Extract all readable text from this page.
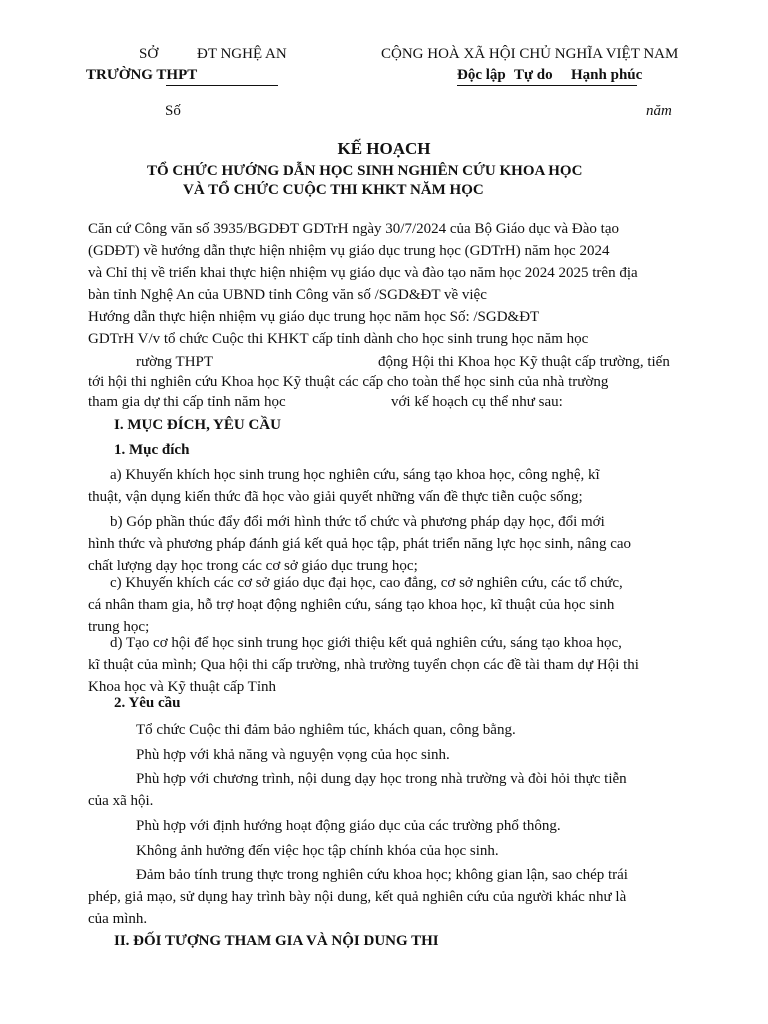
SỞ	ĐT NGHỆ AN
TRƯỜNG THPT
CỘNG HOÀ XÃ HỘI CHỦ NGHĨA VIỆT NAM
Độc lập Tự do Hạnh phúc
Số	năm
KẾ HOẠCH
TỔ CHỨC HƯỚNG DẪN HỌC SINH NGHIÊN CỨU KHOA HỌC
VÀ TỔ CHỨC CUỘC THI KHKT NĂM HỌC
Căn cứ Công văn số 3935/BGDĐT GDTrH ngày 30/7/2024 của Bộ Giáo dục và Đào tạo
(GDĐT) về hướng dẫn thực hiện nhiệm vụ giáo dục trung học (GDTrH) năm học 2024
và Chỉ thị về triển khai thực hiện nhiệm vụ giáo dục và đào tạo năm học 2024 2025 trên địa
bàn tỉnh Nghệ An của UBND tỉnh Công văn số /SGD&ĐT về việc
Hướng dẫn thực hiện nhiệm vụ giáo dục trung học năm học Số: /SGD&ĐT
GDTrH V/v tổ chức Cuộc thi KHKT cấp tỉnh dành cho học sinh trung học năm học
rường THPT	động Hội thi Khoa học Kỹ thuật cấp trường, tiến
tới hội thi nghiên cứu Khoa học Kỹ thuật các cấp cho toàn thể học sinh của nhà trường
tham gia dự thi cấp tỉnh năm học	với kế hoạch cụ thể như sau:
I. MỤC ĐÍCH, YÊU CẦU
1. Mục đích
a) Khuyến khích học sinh trung học nghiên cứu, sáng tạo khoa học, công nghệ, kĩ
thuật, vận dụng kiến thức đã học vào giải quyết những vấn đề thực tiễn cuộc sống;
b) Góp phần thúc đẩy đổi mới hình thức tổ chức và phương pháp dạy học, đổi mới
hình thức và phương pháp đánh giá kết quả học tập, phát triển năng lực học sinh, nâng cao
chất lượng dạy học trong các cơ sở giáo dục trung học;
c) Khuyến khích các cơ sở giáo dục đại học, cao đẳng, cơ sở nghiên cứu, các tổ chức,
cá nhân tham gia, hỗ trợ hoạt động nghiên cứu, sáng tạo khoa học, kĩ thuật của học sinh
trung học;
d) Tạo cơ hội để học sinh trung học giới thiệu kết quả nghiên cứu, sáng tạo khoa học,
kĩ thuật của mình; Qua hội thi cấp trường, nhà trường tuyển chọn các đề tài tham dự Hội thi
Khoa học và Kỹ thuật cấp Tỉnh
2. Yêu cầu
Tổ chức Cuộc thi đảm bảo nghiêm túc, khách quan, công bằng.
Phù hợp với khả năng và nguyện vọng của học sinh.
Phù hợp với chương trình, nội dung dạy học trong nhà trường và đòi hỏi thực tiễn
của xã hội.
Phù hợp với định hướng hoạt động giáo dục của các trường phổ thông.
Không ảnh hưởng đến việc học tập chính khóa của học sinh.
Đảm bảo tính trung thực trong nghiên cứu khoa học; không gian lận, sao chép trái
phép, giả mạo, sử dụng hay trình bày nội dung, kết quả nghiên cứu của người khác như là
của mình.
II. ĐỐI TƯỢNG THAM GIA VÀ NỘI DUNG THI
